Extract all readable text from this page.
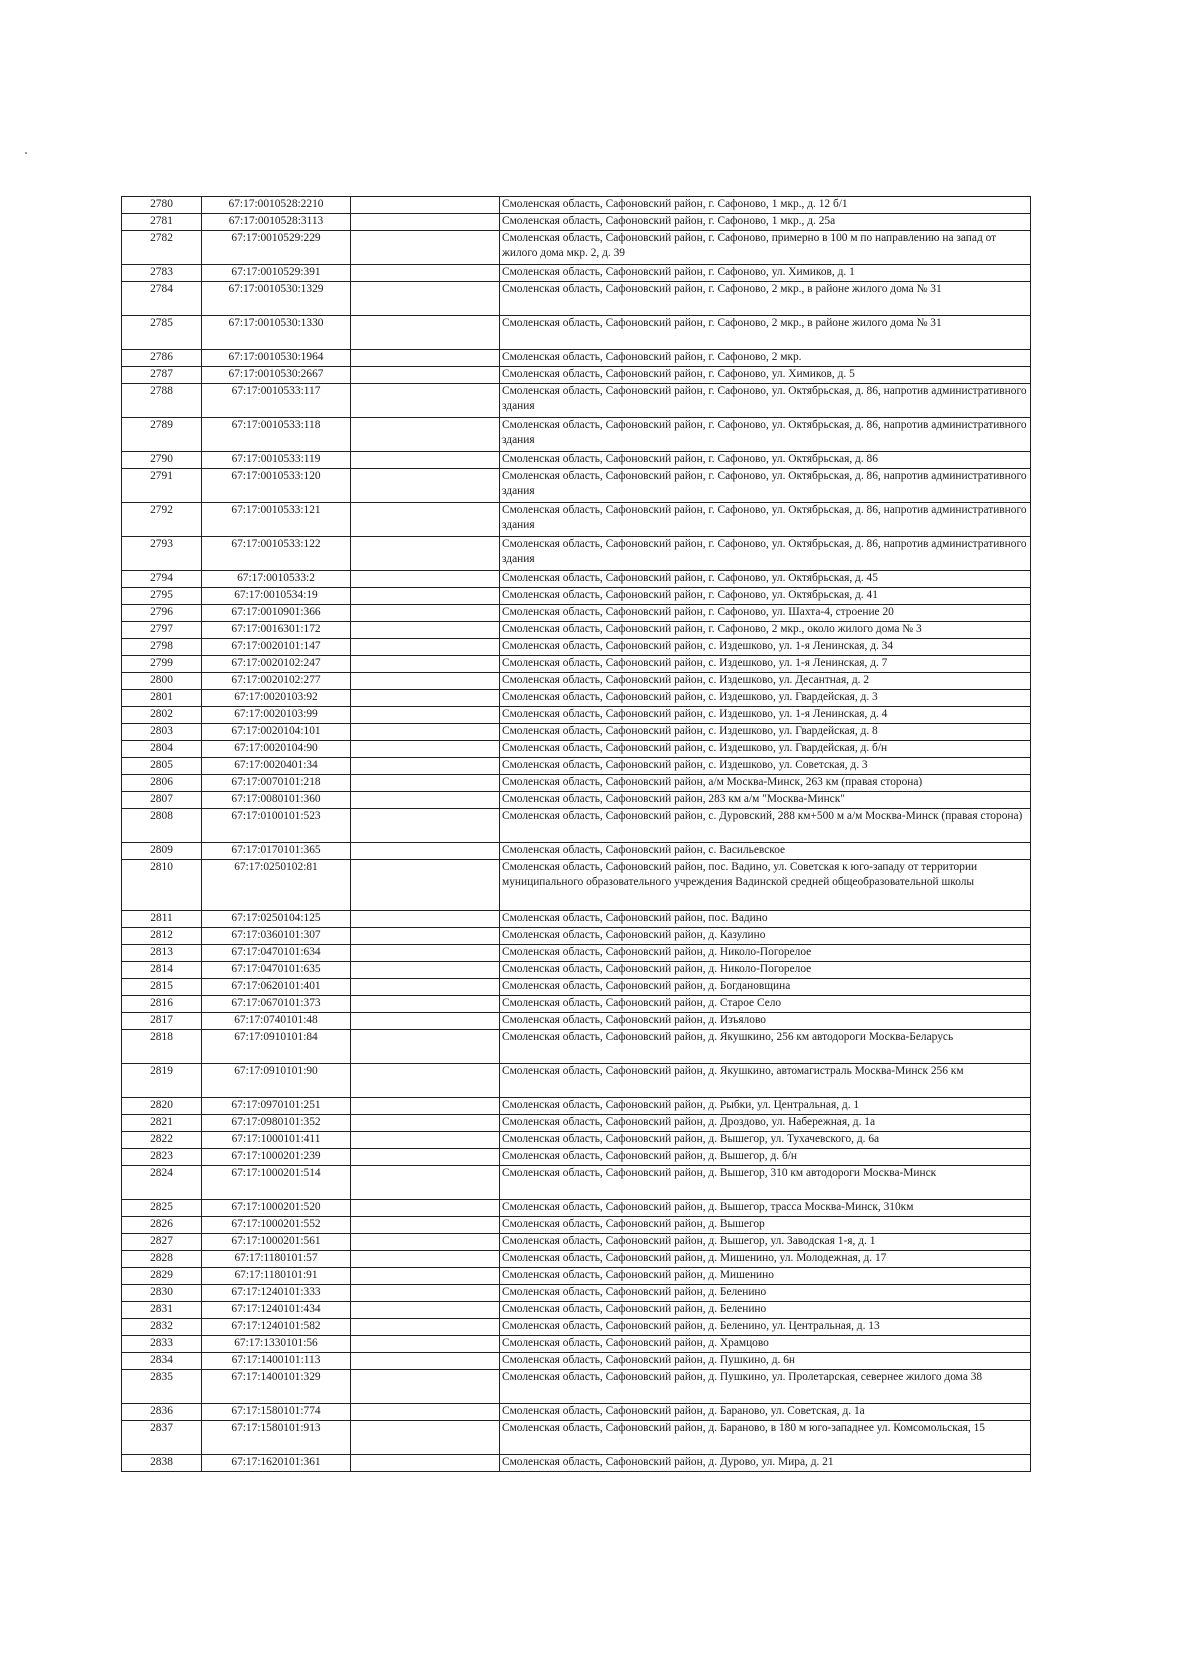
2780	67:17:0010528:2210		Смоленская область, Сафоновский район, г. Сафоново, 1 мкр., д. 12 б/1
2781	67:17:0010528:3113		Смоленская область, Сафоновский район, г. Сафоново, 1 мкр., д. 25а
2782	67:17:0010529:229		Смоленская область, Сафоновский район, г. Сафоново, примерно в 100 м по направлению на запад от жилого дома мкр. 2, д. 39
2783	67:17:0010529:391		Смоленская область, Сафоновский район, г. Сафоново, ул. Химиков, д. 1
2784	67:17:0010530:1329		Смоленская область, Сафоновский район, г. Сафоново, 2 мкр., в районе жилого дома № 31
2785	67:17:0010530:1330		Смоленская область, Сафоновский район, г. Сафоново, 2 мкр., в районе жилого дома № 31
2786	67:17:0010530:1964		Смоленская область, Сафоновский район, г. Сафоново, 2 мкр.
2787	67:17:0010530:2667		Смоленская область, Сафоновский район, г. Сафоново, ул. Химиков, д. 5
2788	67:17:0010533:117		Смоленская область, Сафоновский район, г. Сафоново, ул. Октябрьская, д. 86, напротив административного здания
2789	67:17:0010533:118		Смоленская область, Сафоновский район, г. Сафоново, ул. Октябрьская, д. 86, напротив административного здания
2790	67:17:0010533:119		Смоленская область, Сафоновский район, г. Сафоново, ул. Октябрьская, д. 86
2791	67:17:0010533:120		Смоленская область, Сафоновский район, г. Сафоново, ул. Октябрьская, д. 86, напротив административного здания
2792	67:17:0010533:121		Смоленская область, Сафоновский район, г. Сафоново, ул. Октябрьская, д. 86, напротив административного здания
2793	67:17:0010533:122		Смоленская область, Сафоновский район, г. Сафоново, ул. Октябрьская, д. 86, напротив административного здания
2794	67:17:0010533:2		Смоленская область, Сафоновский район, г. Сафоново, ул. Октябрьская, д. 45
2795	67:17:0010534:19		Смоленская область, Сафоновский район, г. Сафоново, ул. Октябрьская, д. 41
2796	67:17:0010901:366		Смоленская область, Сафоновский район, г. Сафоново, ул. Шахта-4, строение 20
2797	67:17:0016301:172		Смоленская область, Сафоновский район, г. Сафоново, 2 мкр., около жилого дома № 3
2798	67:17:0020101:147		Смоленская область, Сафоновский район, с. Издешково, ул. 1-я Ленинская, д. 34
2799	67:17:0020102:247		Смоленская область, Сафоновский район, с. Издешково, ул. 1-я Ленинская, д. 7
2800	67:17:0020102:277		Смоленская область, Сафоновский район, с. Издешково, ул. Десантная, д. 2
2801	67:17:0020103:92		Смоленская область, Сафоновский район, с. Издешково, ул. Гвардейская, д. 3
2802	67:17:0020103:99		Смоленская область, Сафоновский район, с. Издешково, ул. 1-я Ленинская, д. 4
2803	67:17:0020104:101		Смоленская область, Сафоновский район, с. Издешково, ул. Гвардейская, д. 8
2804	67:17:0020104:90		Смоленская область, Сафоновский район, с. Издешково, ул. Гвардейская, д. б/н
2805	67:17:0020401:34		Смоленская область, Сафоновский район, с. Издешково, ул. Советская, д. 3
2806	67:17:0070101:218		Смоленская область, Сафоновский район, а/м Москва-Минск, 263 км (правая сторона)
2807	67:17:0080101:360		Смоленская область, Сафоновский район, 283 км а/м "Москва-Минск"
2808	67:17:0100101:523		Смоленская область, Сафоновский район, с. Дуровский, 288 км+500 м а/м Москва-Минск (правая сторона)
2809	67:17:0170101:365		Смоленская область, Сафоновский район, с. Васильевское
2810	67:17:0250102:81		Смоленская область, Сафоновский район, пос. Вадино, ул. Советская к юго-западу от территории муниципального образовательного учреждения Вадинской средней общеобразовательной школы
2811	67:17:0250104:125		Смоленская область, Сафоновский район, пос. Вадино
2812	67:17:0360101:307		Смоленская область, Сафоновский район, д. Казулино
2813	67:17:0470101:634		Смоленская область, Сафоновский район, д. Николо-Погорелое
2814	67:17:0470101:635		Смоленская область, Сафоновский район, д. Николо-Погорелое
2815	67:17:0620101:401		Смоленская область, Сафоновский район, д. Богдановщина
2816	67:17:0670101:373		Смоленская область, Сафоновский район, д. Старое Село
2817	67:17:0740101:48		Смоленская область, Сафоновский район, д. Изъялово
2818	67:17:0910101:84		Смоленская область, Сафоновский район, д. Якушкино, 256 км автодороги Москва-Беларусь
2819	67:17:0910101:90		Смоленская область, Сафоновский район, д. Якушкино, автомагистраль Москва-Минск 256 км
2820	67:17:0970101:251		Смоленская область, Сафоновский район, д. Рыбки, ул. Центральная, д. 1
2821	67:17:0980101:352		Смоленская область, Сафоновский район, д. Дроздово, ул. Набережная, д. 1а
2822	67:17:1000101:411		Смоленская область, Сафоновский район, д. Вышегор, ул. Тухачевского, д. 6а
2823	67:17:1000201:239		Смоленская область, Сафоновский район, д. Вышегор, д. б/н
2824	67:17:1000201:514		Смоленская область, Сафоновский район, д. Вышегор, 310 км автодороги Москва-Минск
2825	67:17:1000201:520		Смоленская область, Сафоновский район, д. Вышегор, трасса Москва-Минск, 310км
2826	67:17:1000201:552		Смоленская область, Сафоновский район, д. Вышегор
2827	67:17:1000201:561		Смоленская область, Сафоновский район, д. Вышегор, ул. Заводская 1-я, д. 1
2828	67:17:1180101:57		Смоленская область, Сафоновский район, д. Мишенино, ул. Молодежная, д. 17
2829	67:17:1180101:91		Смоленская область, Сафоновский район, д. Мишенино
2830	67:17:1240101:333		Смоленская область, Сафоновский район, д. Беленино
2831	67:17:1240101:434		Смоленская область, Сафоновский район, д. Беленино
2832	67:17:1240101:582		Смоленская область, Сафоновский район, д. Беленино, ул. Центральная, д. 13
2833	67:17:1330101:56		Смоленская область, Сафоновский район, д. Храмцово
2834	67:17:1400101:113		Смоленская область, Сафоновский район, д. Пушкино, д. 6н
2835	67:17:1400101:329		Смоленская область, Сафоновский район, д. Пушкино, ул. Пролетарская, севернее жилого дома 38
2836	67:17:1580101:774		Смоленская область, Сафоновский район, д. Бараново, ул. Советская, д. 1а
2837	67:17:1580101:913		Смоленская область, Сафоновский район, д. Бараново, в 180 м юго-западнее ул. Комсомольская, 15
2838	67:17:1620101:361		Смоленская область, Сафоновский район, д. Дурово, ул. Мира, д. 21
